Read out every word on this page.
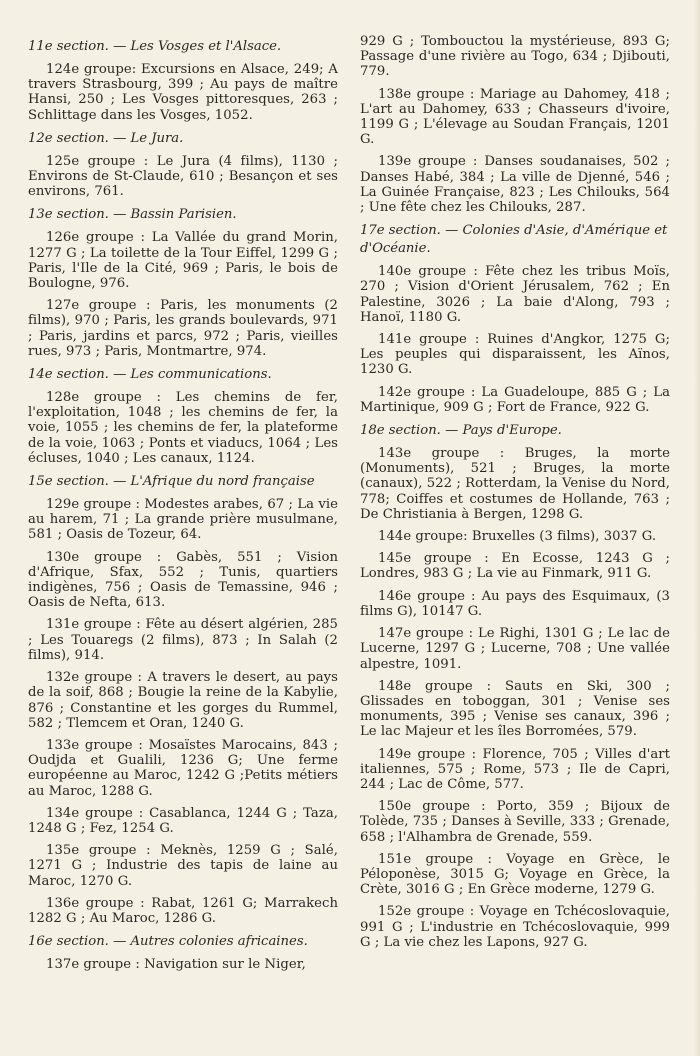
11e section. — Les Vosges et l'Alsace.

124e groupe: Excursions en Alsace, 249; A travers Strasbourg, 399 ; Au pays de maître Hansi, 250 ; Les Vosges pittoresques, 263 ; Schlittage dans les Vosges, 1052.

12e section. — Le Jura.

125e groupe : Le Jura (4 films), 1130 ; Environs de St-Claude, 610 ; Besançon et ses environs, 761.

13e section. — Bassin Parisien.

126e groupe : La Vallée du grand Morin, 1277 G ; La toilette de la Tour Eiffel, 1299 G ; Paris, l'Ile de la Cité, 969 ; Paris, le bois de Boulogne, 976.

127e groupe : Paris, les monuments (2 films), 970 ; Paris, les grands boulevards, 971 ; Paris, jardins et parcs, 972 ; Paris, vieilles rues, 973 ; Paris, Montmartre, 974.

14e section. — Les communications.

128e groupe : Les chemins de fer, l'exploitation, 1048 ; les chemins de fer, la voie, 1055 ; les chemins de fer, la plateforme de la voie, 1063 ; Ponts et viaducs, 1064 ; Les écluses, 1040 ; Les canaux, 1124.

15e section. — L'Afrique du nord française

129e groupe : Modestes arabes, 67 ; La vie au harem, 71 ; La grande prière musulmane, 581 ; Oasis de Tozeur, 64.

130e groupe : Gabès, 551 ; Vision d'Afrique, Sfax, 552 ; Tunis, quartiers indigènes, 756 ; Oasis de Temassine, 946 ; Oasis de Nefta, 613.

131e groupe : Fête au désert algérien, 285 ; Les Touaregs (2 films), 873 ; In Salah (2 films), 914.

132e groupe : A travers le desert, au pays de la soif, 868 ; Bougie la reine de la Kabylie, 876 ; Constantine et les gorges du Rummel, 582 ; Tlemcem et Oran, 1240 G.

133e groupe : Mosaïstes Marocains, 843 ; Oudjda et Gualili, 1236 G; Une ferme européenne au Maroc, 1242 G ;Petits métiers au Maroc, 1288 G.

134e groupe : Casablanca, 1244 G ; Taza, 1248 G ; Fez, 1254 G.

135e groupe : Meknès, 1259 G ; Salé, 1271 G ; Industrie des tapis de laine au Maroc, 1270 G.

136e groupe : Rabat, 1261 G; Marrakech 1282 G ; Au Maroc, 1286 G.

16e section. — Autres colonies africaines.

137e groupe : Navigation sur le Niger,

929 G ; Tombouctou la mystérieuse, 893 G; Passage d'une rivière au Togo, 634 ; Djibouti, 779.

138e groupe : Mariage au Dahomey, 418 ; L'art au Dahomey, 633 ; Chasseurs d'ivoire, 1199 G ; L'élevage au Soudan Français, 1201 G.

139e groupe : Danses soudanaises, 502 ; Danses Habé, 384 ; La ville de Djenné, 546 ; La Guinée Française, 823 ; Les Chilouks, 564 ; Une fête chez les Chilouks, 287.

17e section. — Colonies d'Asie, d'Amérique et d'Océanie.

140e groupe : Fête chez les tribus Moïs, 270 ; Vision d'Orient Jérusalem, 762 ; En Palestine, 3026 ; La baie d'Along, 793 ; Hanoï, 1180 G.

141e groupe : Ruines d'Angkor, 1275 G; Les peuples qui disparaissent, les Aïnos, 1230 G.

142e groupe : La Guadeloupe, 885 G ; La Martinique, 909 G ; Fort de France, 922 G.

18e section. — Pays d'Europe.

143e groupe : Bruges, la morte (Monuments), 521 ; Bruges, la morte (canaux), 522 ; Rotterdam, la Venise du Nord, 778; Coiffes et costumes de Hollande, 763 ; De Christiania à Bergen, 1298 G.

144e groupe: Bruxelles (3 films), 3037 G.

145e groupe : En Ecosse, 1243 G ; Londres, 983 G ; La vie au Finmark, 911 G.

146e groupe : Au pays des Esquimaux, (3 films G), 10147 G.

147e groupe : Le Righi, 1301 G ; Le lac de Lucerne, 1297 G ; Lucerne, 708 ; Une vallée alpestre, 1091.

148e groupe : Sauts en Ski, 300 ; Glissades en toboggan, 301 ; Venise ses monuments, 395 ; Venise ses canaux, 396 ; Le lac Majeur et les îles Borromées, 579.

149e groupe : Florence, 705 ; Villes d'art italiennes, 575 ; Rome, 573 ; Ile de Capri, 244 ; Lac de Côme, 577.

150e groupe : Porto, 359 ; Bijoux de Tolède, 735 ; Danses à Seville, 333 ; Grenade, 658 ; l'Alhambra de Grenade, 559.

151e groupe : Voyage en Grèce, le Péloponèse, 3015 G; Voyage en Grèce, la Crète, 3016 G ; En Grèce moderne, 1279 G.

152e groupe : Voyage en Tchécoslovaquie, 991 G ; L'industrie en Tchécoslovaquie, 999 G ; La vie chez les Lapons, 927 G.
